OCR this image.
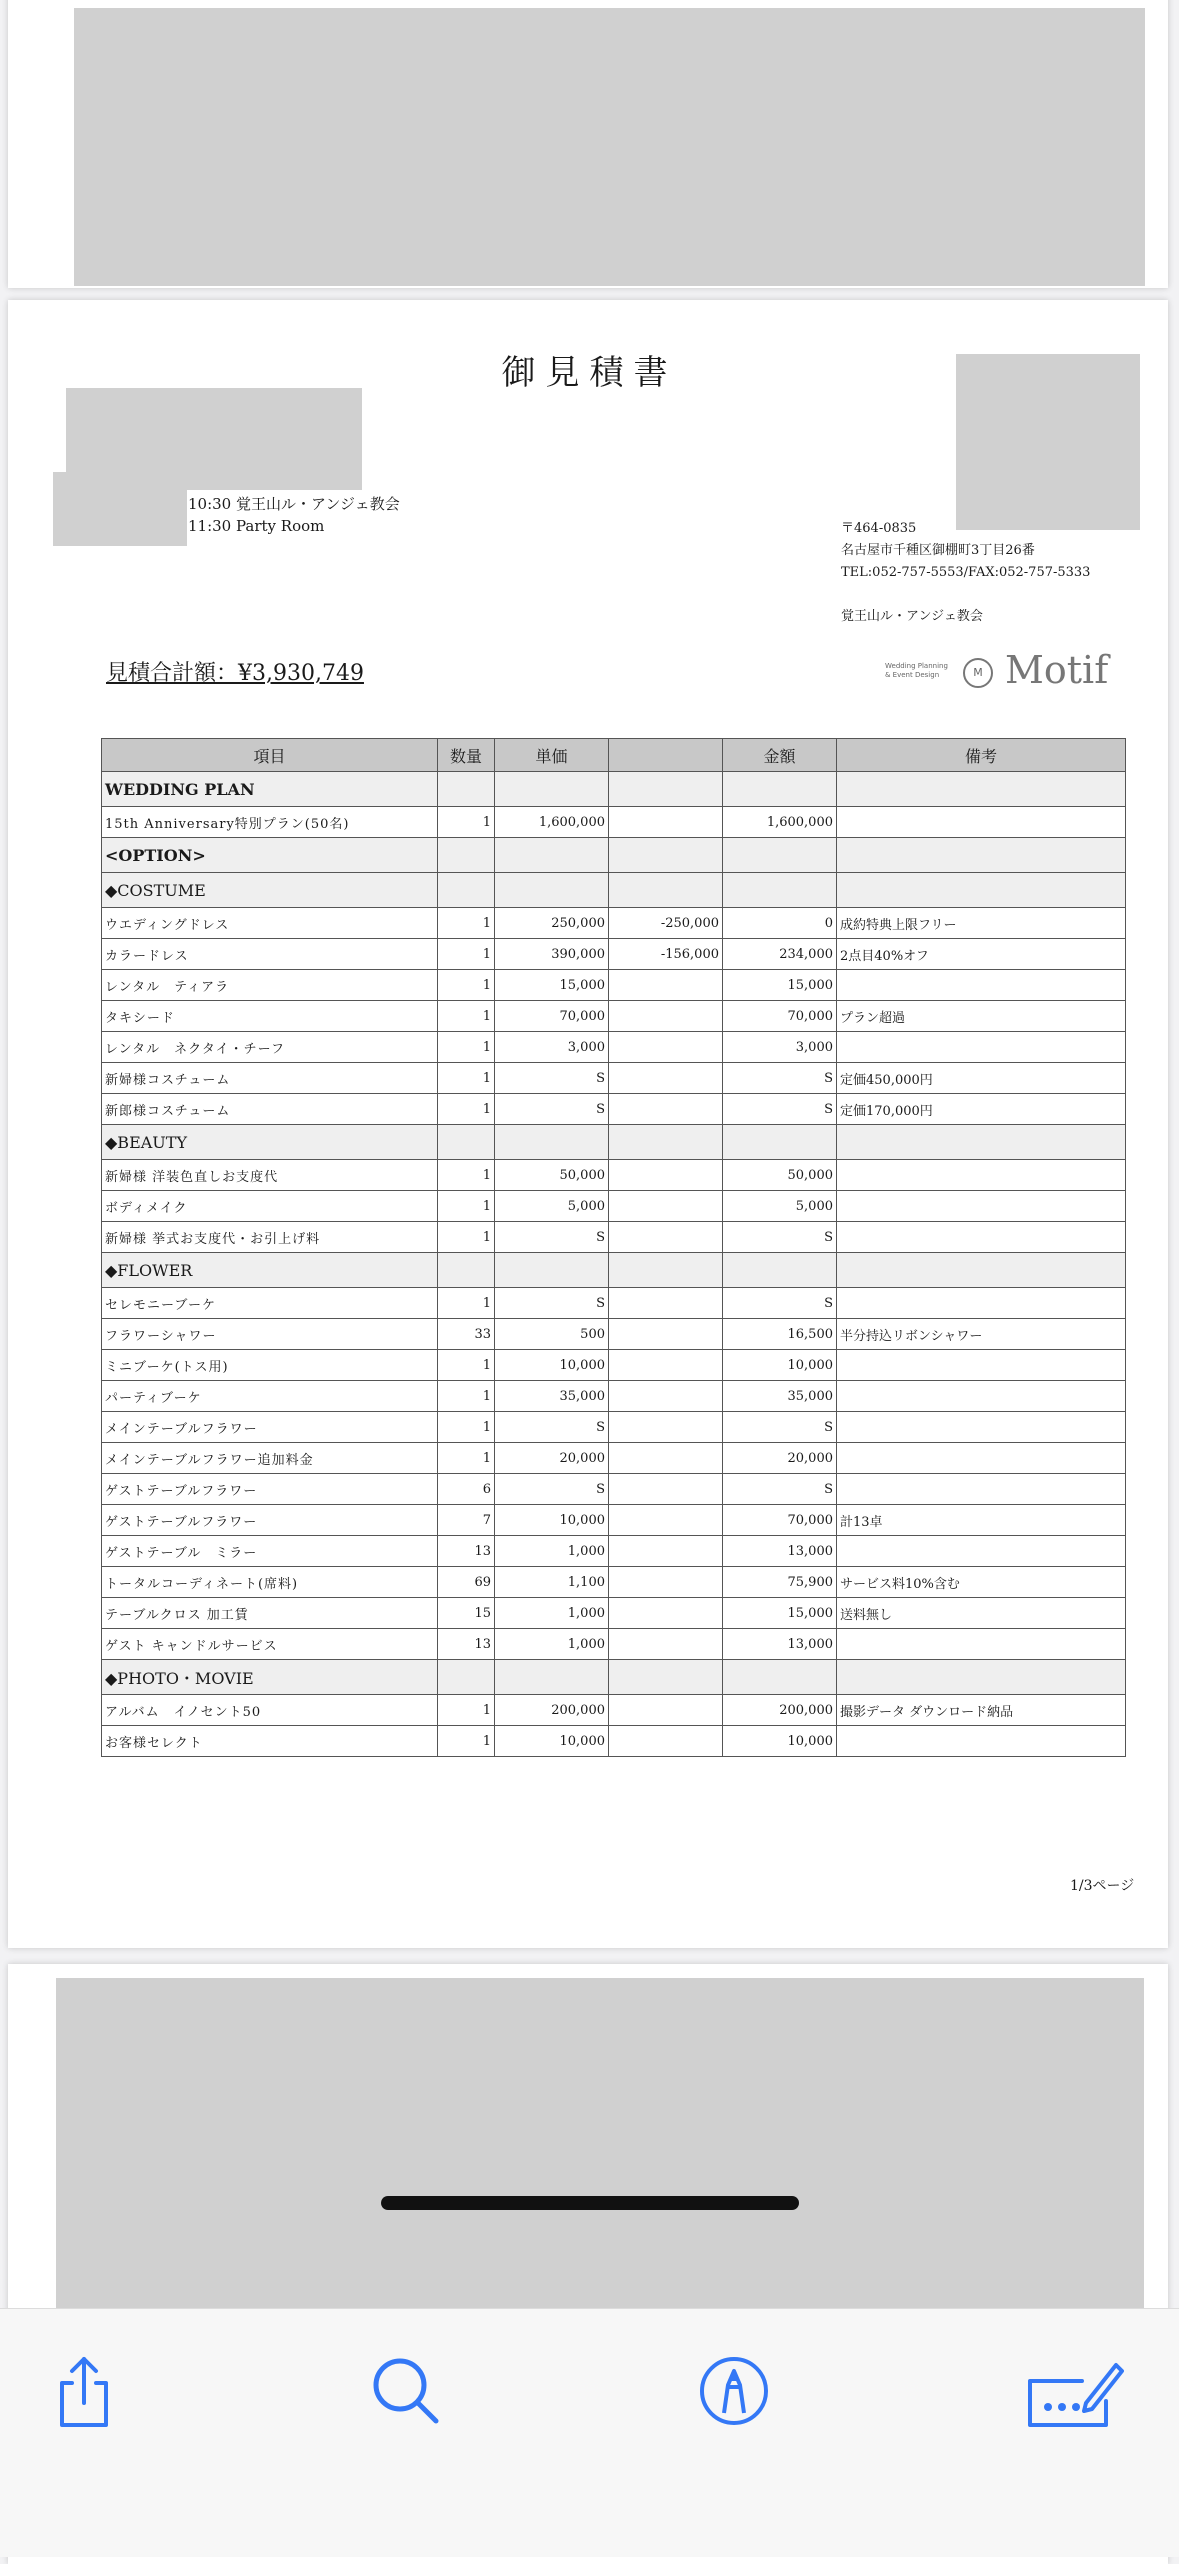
御見積書
10:30 覚王山ル・アンジェ教会
11:30 Party Room	〒464-0835
名古屋市千種区御棚町3丁目26番
TEL:052-757-5553/FAX:052-757-5333
覚王山ル・アンジェ教会
見積合計額：¥3,930,749	Wedding Planning
& Event Design	M Motif
項目	数量	単価		金額	備考
WEDDING PLAN					
15th Anniversary特別プラン(50名)	1	1,600,000		1,600,000	
<OPTION>					
◆COSTUME					
ウエディングドレス	1	250,000	-250,000	0	成約特典上限フリー
カラードレス	1	390,000	-156,000	234,000	2点目40%オフ
レンタル　ティアラ	1	15,000		15,000	
タキシード	1	70,000		70,000	プラン超過
レンタル　ネクタイ・チーフ	1	3,000		3,000	
新婦様コスチューム	1	S		S	定価450,000円
新郎様コスチューム	1	S		S	定価170,000円
◆BEAUTY					
新婦様 洋装色直しお支度代	1	50,000		50,000	
ボディメイク	1	5,000		5,000	
新婦様 挙式お支度代・お引上げ料	1	S		S	
◆FLOWER					
セレモニーブーケ	1	S		S	
フラワーシャワー	33	500		16,500	半分持込リボンシャワー
ミニブーケ(トス用)	1	10,000		10,000	
パーティブーケ	1	35,000		35,000	
メインテーブルフラワー	1	S		S	
メインテーブルフラワー追加料金	1	20,000		20,000	
ゲストテーブルフラワー	6	S		S	
ゲストテーブルフラワー	7	10,000		70,000	計13卓
ゲストテーブル　ミラー	13	1,000		13,000	
トータルコーディネート(席料)	69	1,100		75,900	サービス料10%含む
テーブルクロス 加工賃	15	1,000		15,000	送料無し
ゲスト キャンドルサービス	13	1,000		13,000	
◆PHOTO・MOVIE					
アルバム　イノセント50	1	200,000		200,000	撮影データ ダウンロード納品
お客様セレクト	1	10,000		10,000	
1/3ページ
